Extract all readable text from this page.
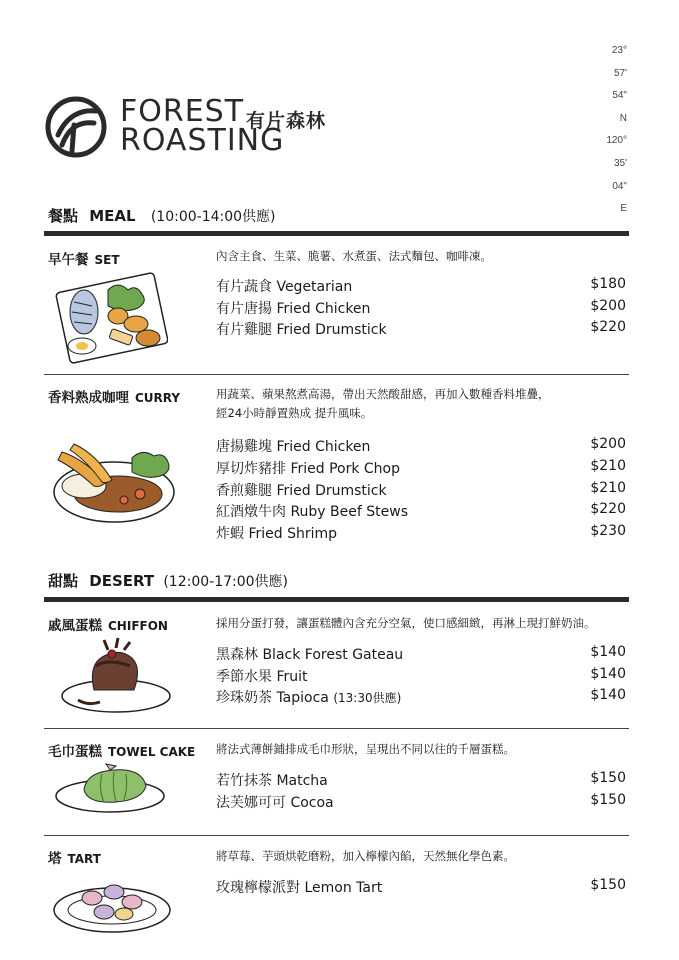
23°
57'
54"
N
120°
35'
04"
E
FOREST
ROASTING
有片森林
餐點 MEAL (10:00-14:00供應)
早午餐 SET	內含主食、生菜、脆薯、水煮蛋、法式麵包、咖啡凍。
有片蔬食 Vegetarian	$180
有片唐揚 Fried Chicken	$200
有片雞腿 Fried Drumstick	$220
香料熟成咖哩 CURRY	用蔬菜、蘋果熬煮高湯，帶出天然酸甜感，再加入數種香料堆疊，
經24小時靜置熟成 提升風味。
唐揚雞塊 Fried Chicken	$200
厚切炸豬排 Fried Pork Chop	$210
香煎雞腿 Fried Drumstick	$210
紅酒燉牛肉 Ruby Beef Stews	$220
炸蝦 Fried Shrimp	$230
甜點 DESERT (12:00-17:00供應)
戚風蛋糕 CHIFFON	採用分蛋打發，讓蛋糕體內含充分空氣，使口感細緻，再淋上現打鮮奶油。
黑森林 Black Forest Gateau	$140
季節水果 Fruit	$140
珍珠奶茶 Tapioca (13:30供應)	$140
毛巾蛋糕 TOWEL CAKE 將法式薄餅鋪排成毛巾形狀，呈現出不同以往的千層蛋糕。
若竹抹茶 Matcha	$150
法芙娜可可 Cocoa	$150
塔 TART	將草莓、芋頭烘乾磨粉，加入檸檬內餡，天然無化學色素。
玫瑰檸檬派對 Lemon Tart	$150
